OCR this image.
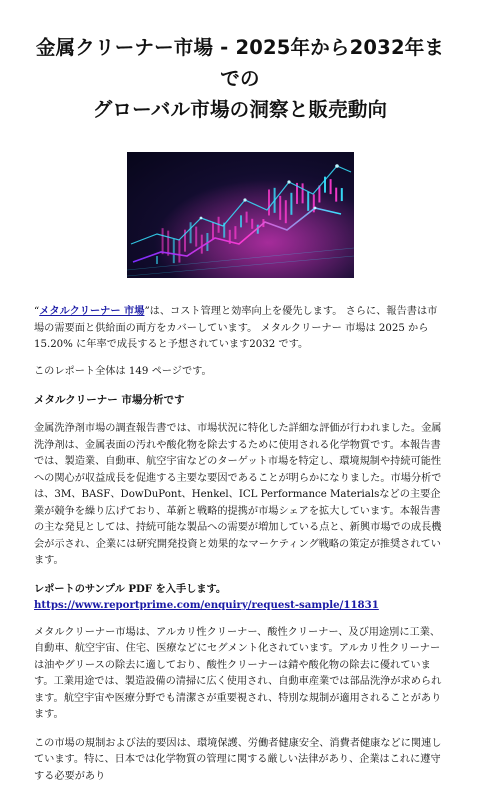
金属クリーナー市場 - 2025年から2032年までの
グローバル市場の洞察と販売動向

“メタルクリーナー 市場”は、コスト管理と効率向上を優先します。 さらに、報告書は市場の需要面と供給面の両方をカバーしています。 メタルクリーナー 市場は 2025 から 15.20% に年率で成長すると予想されています2032 です。

このレポート全体は 149 ページです。

メタルクリーナー 市場分析です

金属洗浄剤市場の調査報告書では、市場状況に特化した詳細な評価が行われました。金属洗浄剤は、金属表面の汚れや酸化物を除去するために使用される化学物質です。本報告書では、製造業、自動車、航空宇宙などのターゲット市場を特定し、環境規制や持続可能性への関心が収益成長を促進する主要な要因であることが明らかになりました。市場分析では、3M、BASF、DowDuPont、Henkel、ICL Performance Materialsなどの主要企業が競争を繰り広げており、革新と戦略的提携が市場シェアを拡大しています。本報告書の主な発見としては、持続可能な製品への需要が増加している点と、新興市場での成長機会が示され、企業には研究開発投資と効果的なマーケティング戦略の策定が推奨されています。

レポートのサンプル PDF を入手します。 https://www.reportprime.com/enquiry/request-sample/11831

メタルクリーナー市場は、アルカリ性クリーナー、酸性クリーナー、及び用途別に工業、自動車、航空宇宙、住宅、医療などにセグメント化されています。アルカリ性クリーナーは油やグリースの除去に適しており、酸性クリーナーは錆や酸化物の除去に優れています。工業用途では、製造設備の清掃に広く使用され、自動車産業では部品洗浄が求められます。航空宇宙や医療分野でも清潔さが重要視され、特別な規制が適用されることがあります。

この市場の規制および法的要因は、環境保護、労働者健康安全、消費者健康などに関連しています。特に、日本では化学物質の管理に関する厳しい法律があり、企業はこれに遵守する必要があり
